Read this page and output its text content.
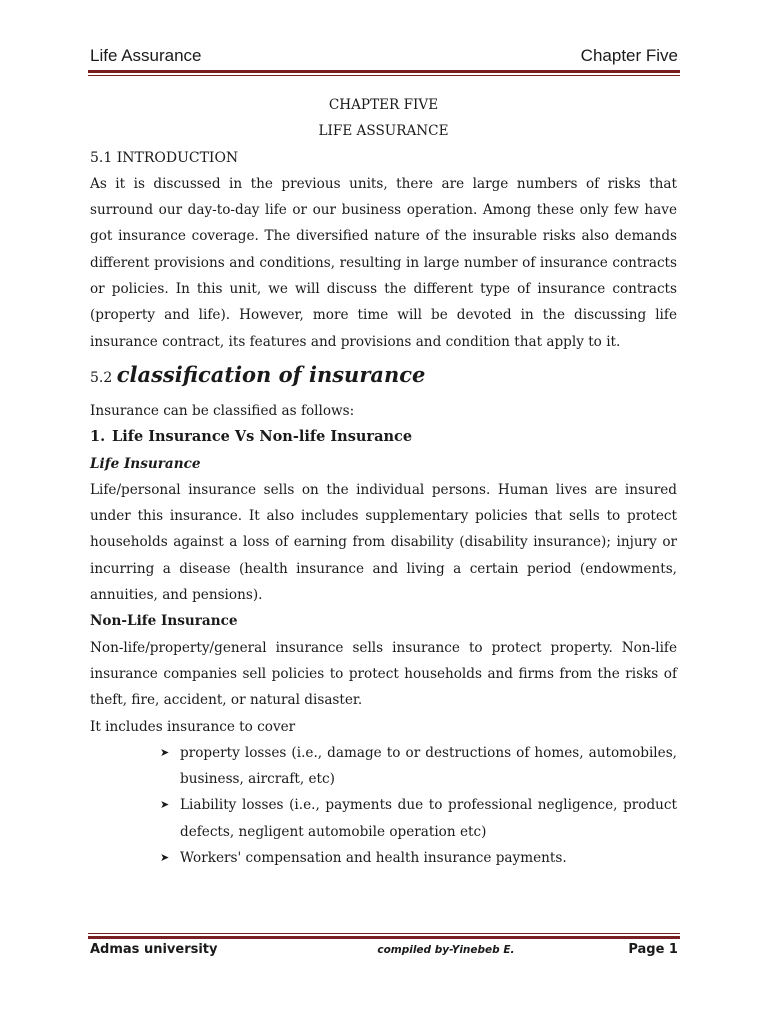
Life Assurance	Chapter Five
CHAPTER FIVE
LIFE ASSURANCE
5.1 INTRODUCTION

As it is discussed in the previous units, there are large numbers of risks that surround our day-to-day life or our business operation. Among these only few have got insurance coverage. The diversified nature of the insurable risks also demands different provisions and conditions, resulting in large number of insurance contracts or policies. In this unit, we will discuss the different type of insurance contracts (property and life). However, more time will be devoted in the discussing life insurance contract, its features and provisions and condition that apply to it.

5.2 classification of insurance
Insurance can be classified as follows:
1. Life Insurance Vs Non-life Insurance
Life Insurance

Life/personal insurance sells on the individual persons. Human lives are insured under this insurance. It also includes supplementary policies that sells to protect households against a loss of earning from disability (disability insurance); injury or incurring a disease (health insurance and living a certain period (endowments, annuities, and pensions).

Non-Life Insurance

Non-life/property/general insurance sells insurance to protect property. Non-life insurance companies sell policies to protect households and firms from the risks of theft, fire, accident, or natural disaster.

It includes insurance to cover
➤ property losses (i.e., damage to or destructions of homes, automobiles, business, aircraft, etc)
➤ Liability losses (i.e., payments due to professional negligence, product defects, negligent automobile operation etc)
➤ Workers' compensation and health insurance payments.
Admas university	compiled by-Yinebeb E.	Page 1
